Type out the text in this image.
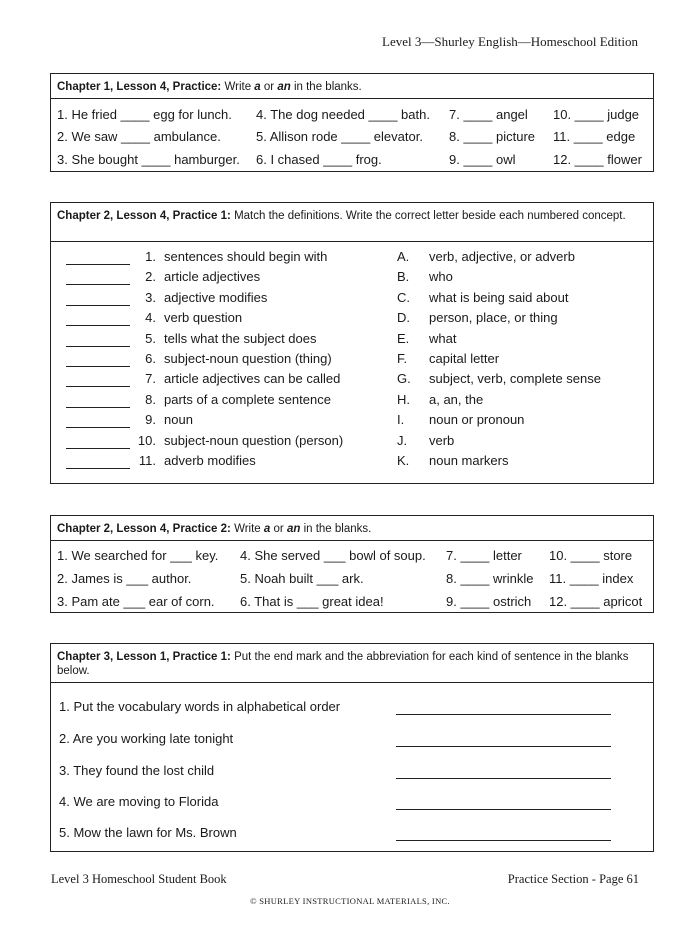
Level 3—Shurley English—Homeschool Edition
Chapter 1, Lesson 4, Practice: Write a or an in the blanks.
1. He fried ____ egg for lunch.
2. We saw ____ ambulance.
3. She bought ____ hamburger.
4. The dog needed ____ bath.
5. Allison rode ____ elevator.
6. I chased ____ frog.
7. ____ angel
8. ____ picture
9. ____ owl
10. ____ judge
11. ____ edge
12. ____ flower
Chapter 2, Lesson 4, Practice 1: Match the definitions. Write the correct letter beside each numbered concept.
1. sentences should begin with
2. article adjectives
3. adjective modifies
4. verb question
5. tells what the subject does
6. subject-noun question (thing)
7. article adjectives can be called
8. parts of a complete sentence
9. noun
10. subject-noun question (person)
11. adverb modifies
A. verb, adjective, or adverb
B. who
C. what is being said about
D. person, place, or thing
E. what
F. capital letter
G. subject, verb, complete sense
H. a, an, the
I. noun or pronoun
J. verb
K. noun markers
Chapter 2, Lesson 4, Practice 2: Write a or an in the blanks.
1. We searched for ___ key.
2. James is ___ author.
3. Pam ate ___ ear of corn.
4. She served ___ bowl of soup.
5. Noah built ___ ark.
6. That is ___ great idea!
7. ____ letter
8. ____ wrinkle
9. ____ ostrich
10. ____ store
11. ____ index
12. ____ apricot
Chapter 3, Lesson 1, Practice 1: Put the end mark and the abbreviation for each kind of sentence in the blanks below.
1. Put the vocabulary words in alphabetical order
2. Are you working late tonight
3. They found the lost child
4. We are moving to Florida
5. Mow the lawn for Ms. Brown
Level 3 Homeschool Student Book	Practice Section - Page 61
© SHURLEY INSTRUCTIONAL MATERIALS, INC.
